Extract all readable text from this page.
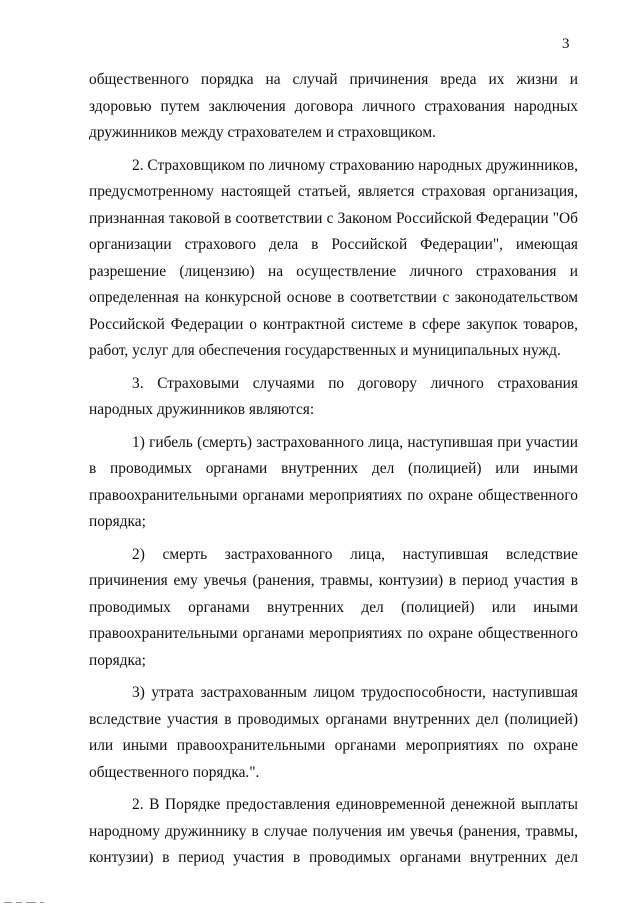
3

общественного порядка на случай причинения вреда их жизни и здоровью путем заключения договора личного страхования народных дружинников между страхователем и страховщиком.

2. Страховщиком по личному страхованию народных дружинников, предусмотренному настоящей статьей, является страховая организация, признанная таковой в соответствии с Законом Российской Федерации "Об организации страхового дела в Российской Федерации", имеющая разрешение (лицензию) на осуществление личного страхования и определенная на конкурсной основе в соответствии с законодательством Российской Федерации о контрактной системе в сфере закупок товаров, работ, услуг для обеспечения государственных и муниципальных нужд.

3. Страховыми случаями по договору личного страхования народных дружинников являются:

1) гибель (смерть) застрахованного лица, наступившая при участии в проводимых органами внутренних дел (полицией) или иными правоохранительными органами мероприятиях по охране общественного порядка;

2) смерть застрахованного лица, наступившая вследствие причинения ему увечья (ранения, травмы, контузии) в период участия в проводимых органами внутренних дел (полицией) или иными правоохранительными органами мероприятиях по охране общественного порядка;

3) утрата застрахованным лицом трудоспособности, наступившая вследствие участия в проводимых органами внутренних дел (полицией) или иными правоохранительными органами мероприятиях по охране общественного порядка.".

2. В Порядке предоставления единовременной денежной выплаты народному дружиннику в случае получения им увечья (ранения, травмы, контузии) в период участия в проводимых органами внутренних дел
